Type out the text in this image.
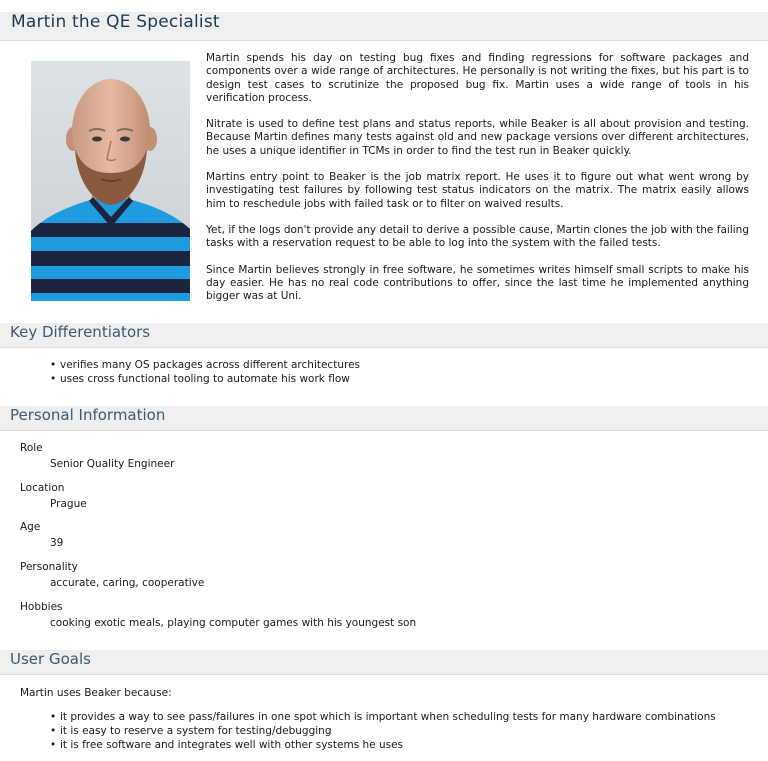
Martin the QE Specialist

Martin spends his day on testing bug fixes and finding regressions for software packages and components over a wide range of architectures. He personally is not writing the fixes, but his part is to design test cases to scrutinize the proposed bug fix. Martin uses a wide range of tools in his verification process.

Nitrate is used to define test plans and status reports, while Beaker is all about provision and testing. Because Martin defines many tests against old and new package versions over different architectures, he uses a unique identifier in TCMs in order to find the test run in Beaker quickly.

Martins entry point to Beaker is the job matrix report. He uses it to figure out what went wrong by investigating test failures by following test status indicators on the matrix. The matrix easily allows him to reschedule jobs with failed task or to filter on waived results.

Yet, if the logs don't provide any detail to derive a possible cause, Martin clones the job with the failing tasks with a reservation request to be able to log into the system with the failed tests.

Since Martin believes strongly in free software, he sometimes writes himself small scripts to make his day easier. He has no real code contributions to offer, since the last time he implemented anything bigger was at Uni.

Key Differentiators
• verifies many OS packages across different architectures
• uses cross functional tooling to automate his work flow
Personal Information
Role
Senior Quality Engineer
Location
Prague
Age
39
Personality
accurate, caring, cooperative
Hobbies
cooking exotic meals, playing computer games with his youngest son
User Goals
Martin uses Beaker because:
• it provides a way to see pass/failures in one spot which is important when scheduling tests for many hardware combinations
• it is easy to reserve a system for testing/debugging
• it is free software and integrates well with other systems he uses
